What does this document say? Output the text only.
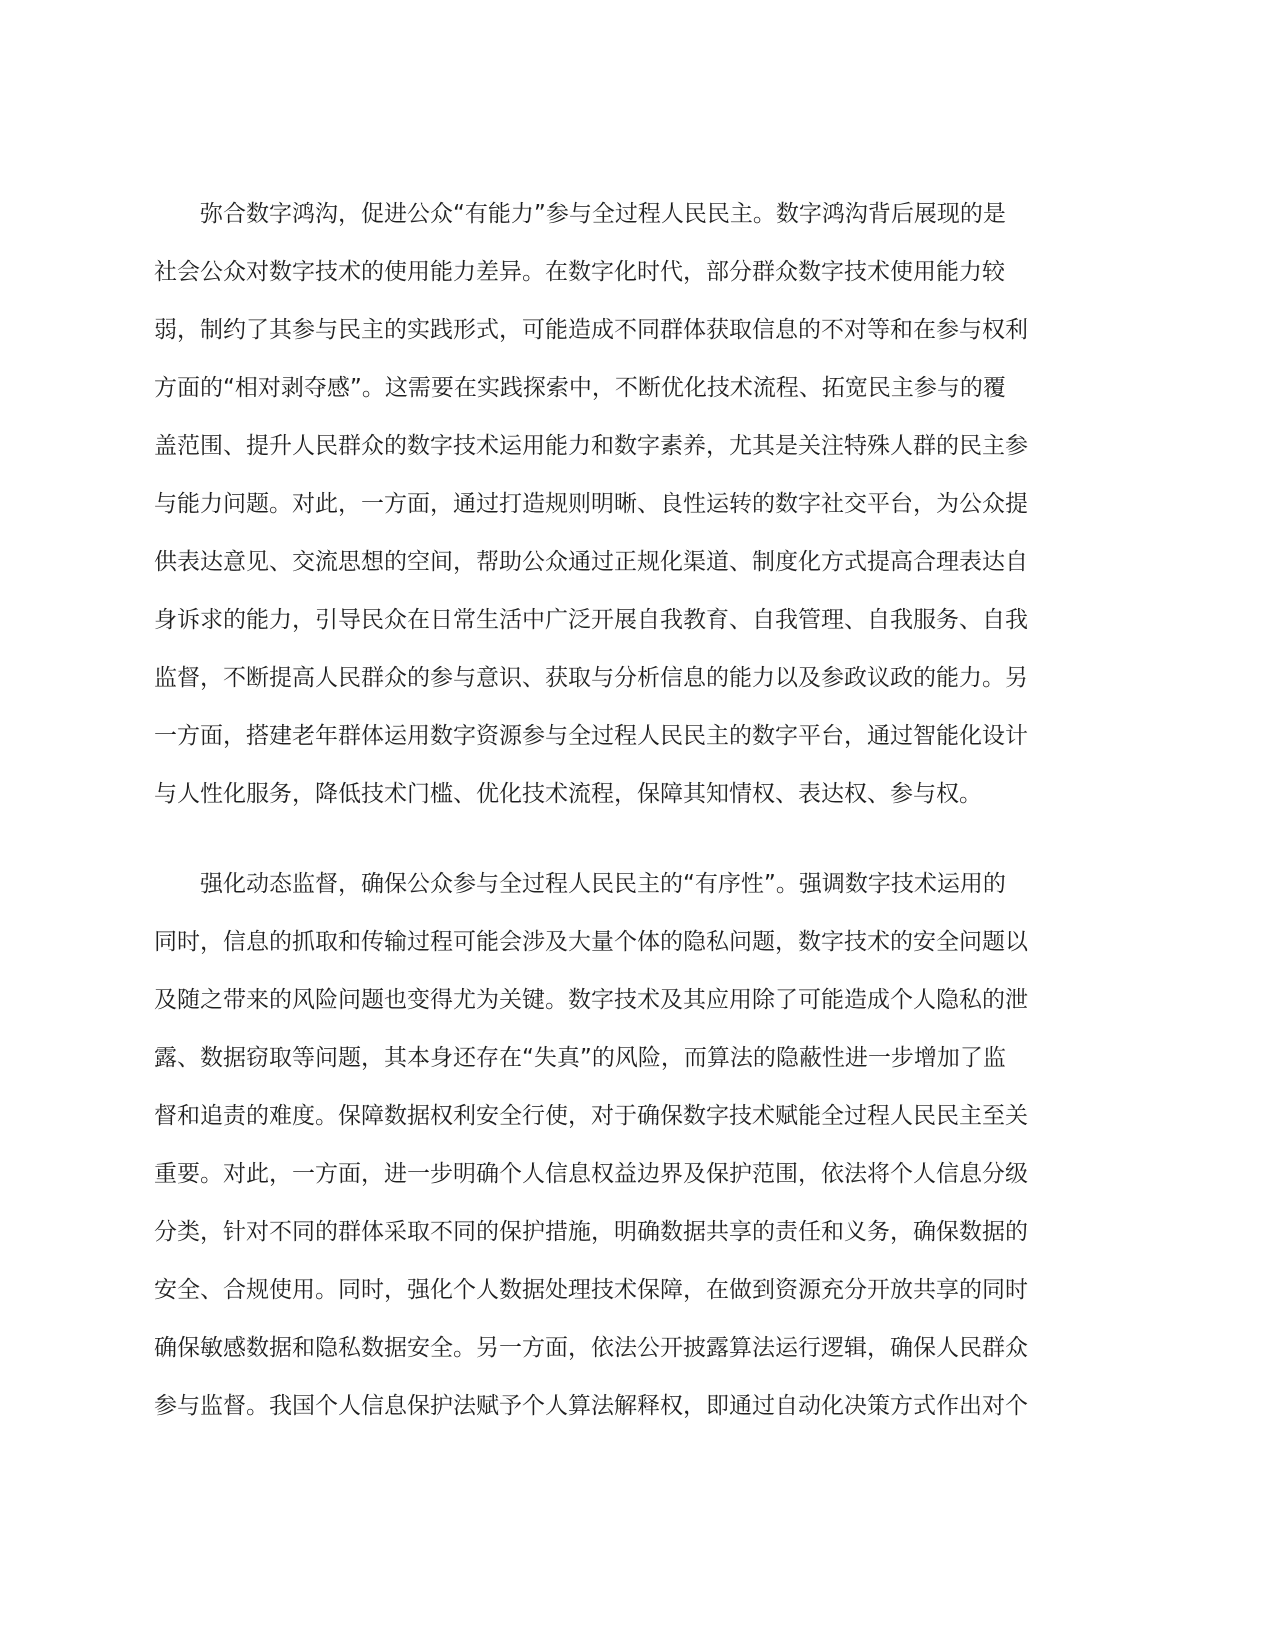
　　弥合数字鸿沟，促进公众“有能力”参与全过程人民民主。数字鸿沟背后展现的是
社会公众对数字技术的使用能力差异。在数字化时代，部分群众数字技术使用能力较
弱，制约了其参与民主的实践形式，可能造成不同群体获取信息的不对等和在参与权利
方面的“相对剥夺感”。这需要在实践探索中，不断优化技术流程、拓宽民主参与的覆
盖范围、提升人民群众的数字技术运用能力和数字素养，尤其是关注特殊人群的民主参
与能力问题。对此，一方面，通过打造规则明晰、良性运转的数字社交平台，为公众提
供表达意见、交流思想的空间，帮助公众通过正规化渠道、制度化方式提高合理表达自
身诉求的能力，引导民众在日常生活中广泛开展自我教育、自我管理、自我服务、自我
监督，不断提高人民群众的参与意识、获取与分析信息的能力以及参政议政的能力。另
一方面，搭建老年群体运用数字资源参与全过程人民民主的数字平台，通过智能化设计
与人性化服务，降低技术门槛、优化技术流程，保障其知情权、表达权、参与权。
　　强化动态监督，确保公众参与全过程人民民主的“有序性”。强调数字技术运用的
同时，信息的抓取和传输过程可能会涉及大量个体的隐私问题，数字技术的安全问题以
及随之带来的风险问题也变得尤为关键。数字技术及其应用除了可能造成个人隐私的泄
露、数据窃取等问题，其本身还存在“失真”的风险，而算法的隐蔽性进一步增加了监
督和追责的难度。保障数据权利安全行使，对于确保数字技术赋能全过程人民民主至关
重要。对此，一方面，进一步明确个人信息权益边界及保护范围，依法将个人信息分级
分类，针对不同的群体采取不同的保护措施，明确数据共享的责任和义务，确保数据的
安全、合规使用。同时，强化个人数据处理技术保障，在做到资源充分开放共享的同时
确保敏感数据和隐私数据安全。另一方面，依法公开披露算法运行逻辑，确保人民群众
参与监督。我国个人信息保护法赋予个人算法解释权，即通过自动化决策方式作出对个
